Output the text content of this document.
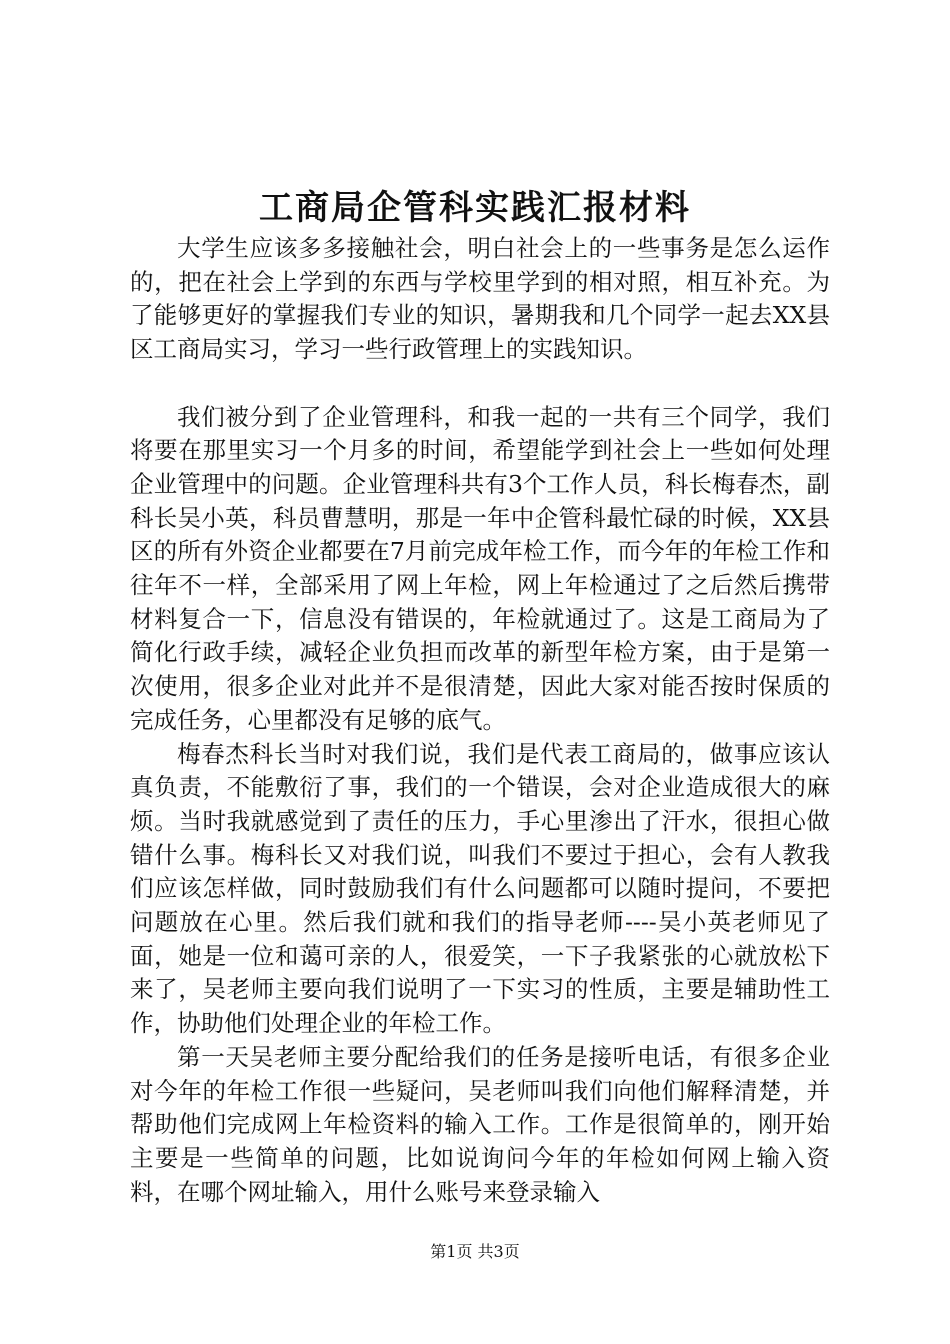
工商局企管科实践汇报材料

大学生应该多多接触社会，明白社会上的一些事务是怎么运作的，把在社会上学到的东西与学校里学到的相对照，相互补充。为了能够更好的掌握我们专业的知识，暑期我和几个同学一起去XX县区工商局实习，学习一些行政管理上的实践知识。

我们被分到了企业管理科，和我一起的一共有三个同学，我们将要在那里实习一个月多的时间，希望能学到社会上一些如何处理企业管理中的问题。企业管理科共有3个工作人员，科长梅春杰，副科长吴小英，科员曹慧明，那是一年中企管科最忙碌的时候，XX县区的所有外资企业都要在7月前完成年检工作，而今年的年检工作和往年不一样，全部采用了网上年检，网上年检通过了之后然后携带材料复合一下，信息没有错误的，年检就通过了。这是工商局为了简化行政手续，减轻企业负担而改革的新型年检方案，由于是第一次使用，很多企业对此并不是很清楚，因此大家对能否按时保质的完成任务，心里都没有足够的底气。

梅春杰科长当时对我们说，我们是代表工商局的，做事应该认真负责，不能敷衍了事，我们的一个错误，会对企业造成很大的麻烦。当时我就感觉到了责任的压力，手心里渗出了汗水，很担心做错什么事。梅科长又对我们说，叫我们不要过于担心，会有人教我们应该怎样做，同时鼓励我们有什么问题都可以随时提问，不要把问题放在心里。然后我们就和我们的指导老师----吴小英老师见了面，她是一位和蔼可亲的人，很爱笑，一下子我紧张的心就放松下来了，吴老师主要向我们说明了一下实习的性质，主要是辅助性工作，协助他们处理企业的年检工作。

第一天吴老师主要分配给我们的任务是接听电话，有很多企业对今年的年检工作很一些疑问，吴老师叫我们向他们解释清楚，并帮助他们完成网上年检资料的输入工作。工作是很简单的，刚开始主要是一些简单的问题，比如说询问今年的年检如何网上输入资料，在哪个网址输入，用什么账号来登录输入

第1页 共3页
